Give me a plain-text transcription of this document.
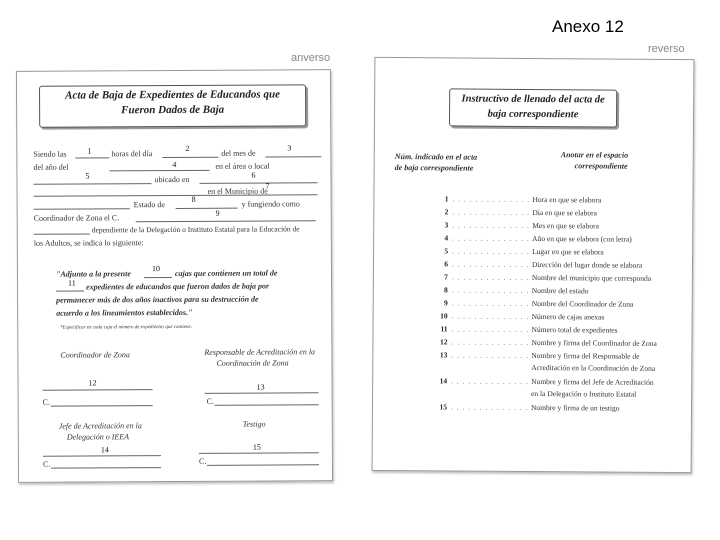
Anexo 12
anverso
reverso
Acta de Baja de Expedientes de Educandos que
Fueron Dados de Baja
Siendo las	1 horas del día
2
del mes de
3
del año del	4	en el área o local
5	ubicado en	6
en el Municipio de
7
Estado de
8	y fungiendo como
Coordinador de Zona el C.
9
dependiente de la Delegación o Instituto Estatal para la Educación de
los Adultos, se indica lo siguiente:
"Adjunto a la presente
10 cajas que contienen un total de
11 expedientes de educandos que fueron dados de baja por
permanecer más de dos años inactivos para su destrucción de
acuerdo a los lineamientos establecidos."
*Especificar en cada caja el número de expedientes que contiene.
Coordinador de Zona	Responsable de Acreditación en la
Coordinación de Zona
12
C.
13
C.
Jefe de Acreditación en la
Delegación o IEEA
Testigo
14
C.
15
C.
Instructivo de llenado del acta de
baja correspondiente
Núm. indicado en el acta
de baja correspondiente
Anotar en el espacio
correspondiente
1 . . . . . . . . . . . . . . . .
Hora en que se elabora
2 . . . . . . . . . . . . . . . .
Día en que se elabora
3 . . . . . . . . . . . . . . . .
Mes en que se elabora
4 . . . . . . . . . . . . . . . .
Año en que se elabora (con letra)
5 . . . . . . . . . . . . . . . .
Lugar en que se elabora
6 . . . . . . . . . . . . . . . .
Dirección del lugar donde se elabora
7 . . . . . . . . . . . . . . . .
Nombre del municipio que corresponda
8 . . . . . . . . . . . . . . . .
Nombre del estado
9 . . . . . . . . . . . . . . . .
Nombre del Coordinador de Zona
10 . . . . . . . . . . . . . . . .
Número de cajas anexas
11 . . . . . . . . . . . . . . . .
Número total de expedientes
12 . . . . . . . . . . . . . . . .
Nombre y firma del Coordinador de Zona
13 . . . . . . . . . . . . . . . .
Nombre y firma del Responsable de
Acreditación en la Coordinación de Zona
14 . . . . . . . . . . . . . . . .
Nombre y firma del Jefe de Acreditación
en la Delegación o Instituto Estatal
15 . . . . . . . . . . . . . . . .
Nombre y firma de un testigo
